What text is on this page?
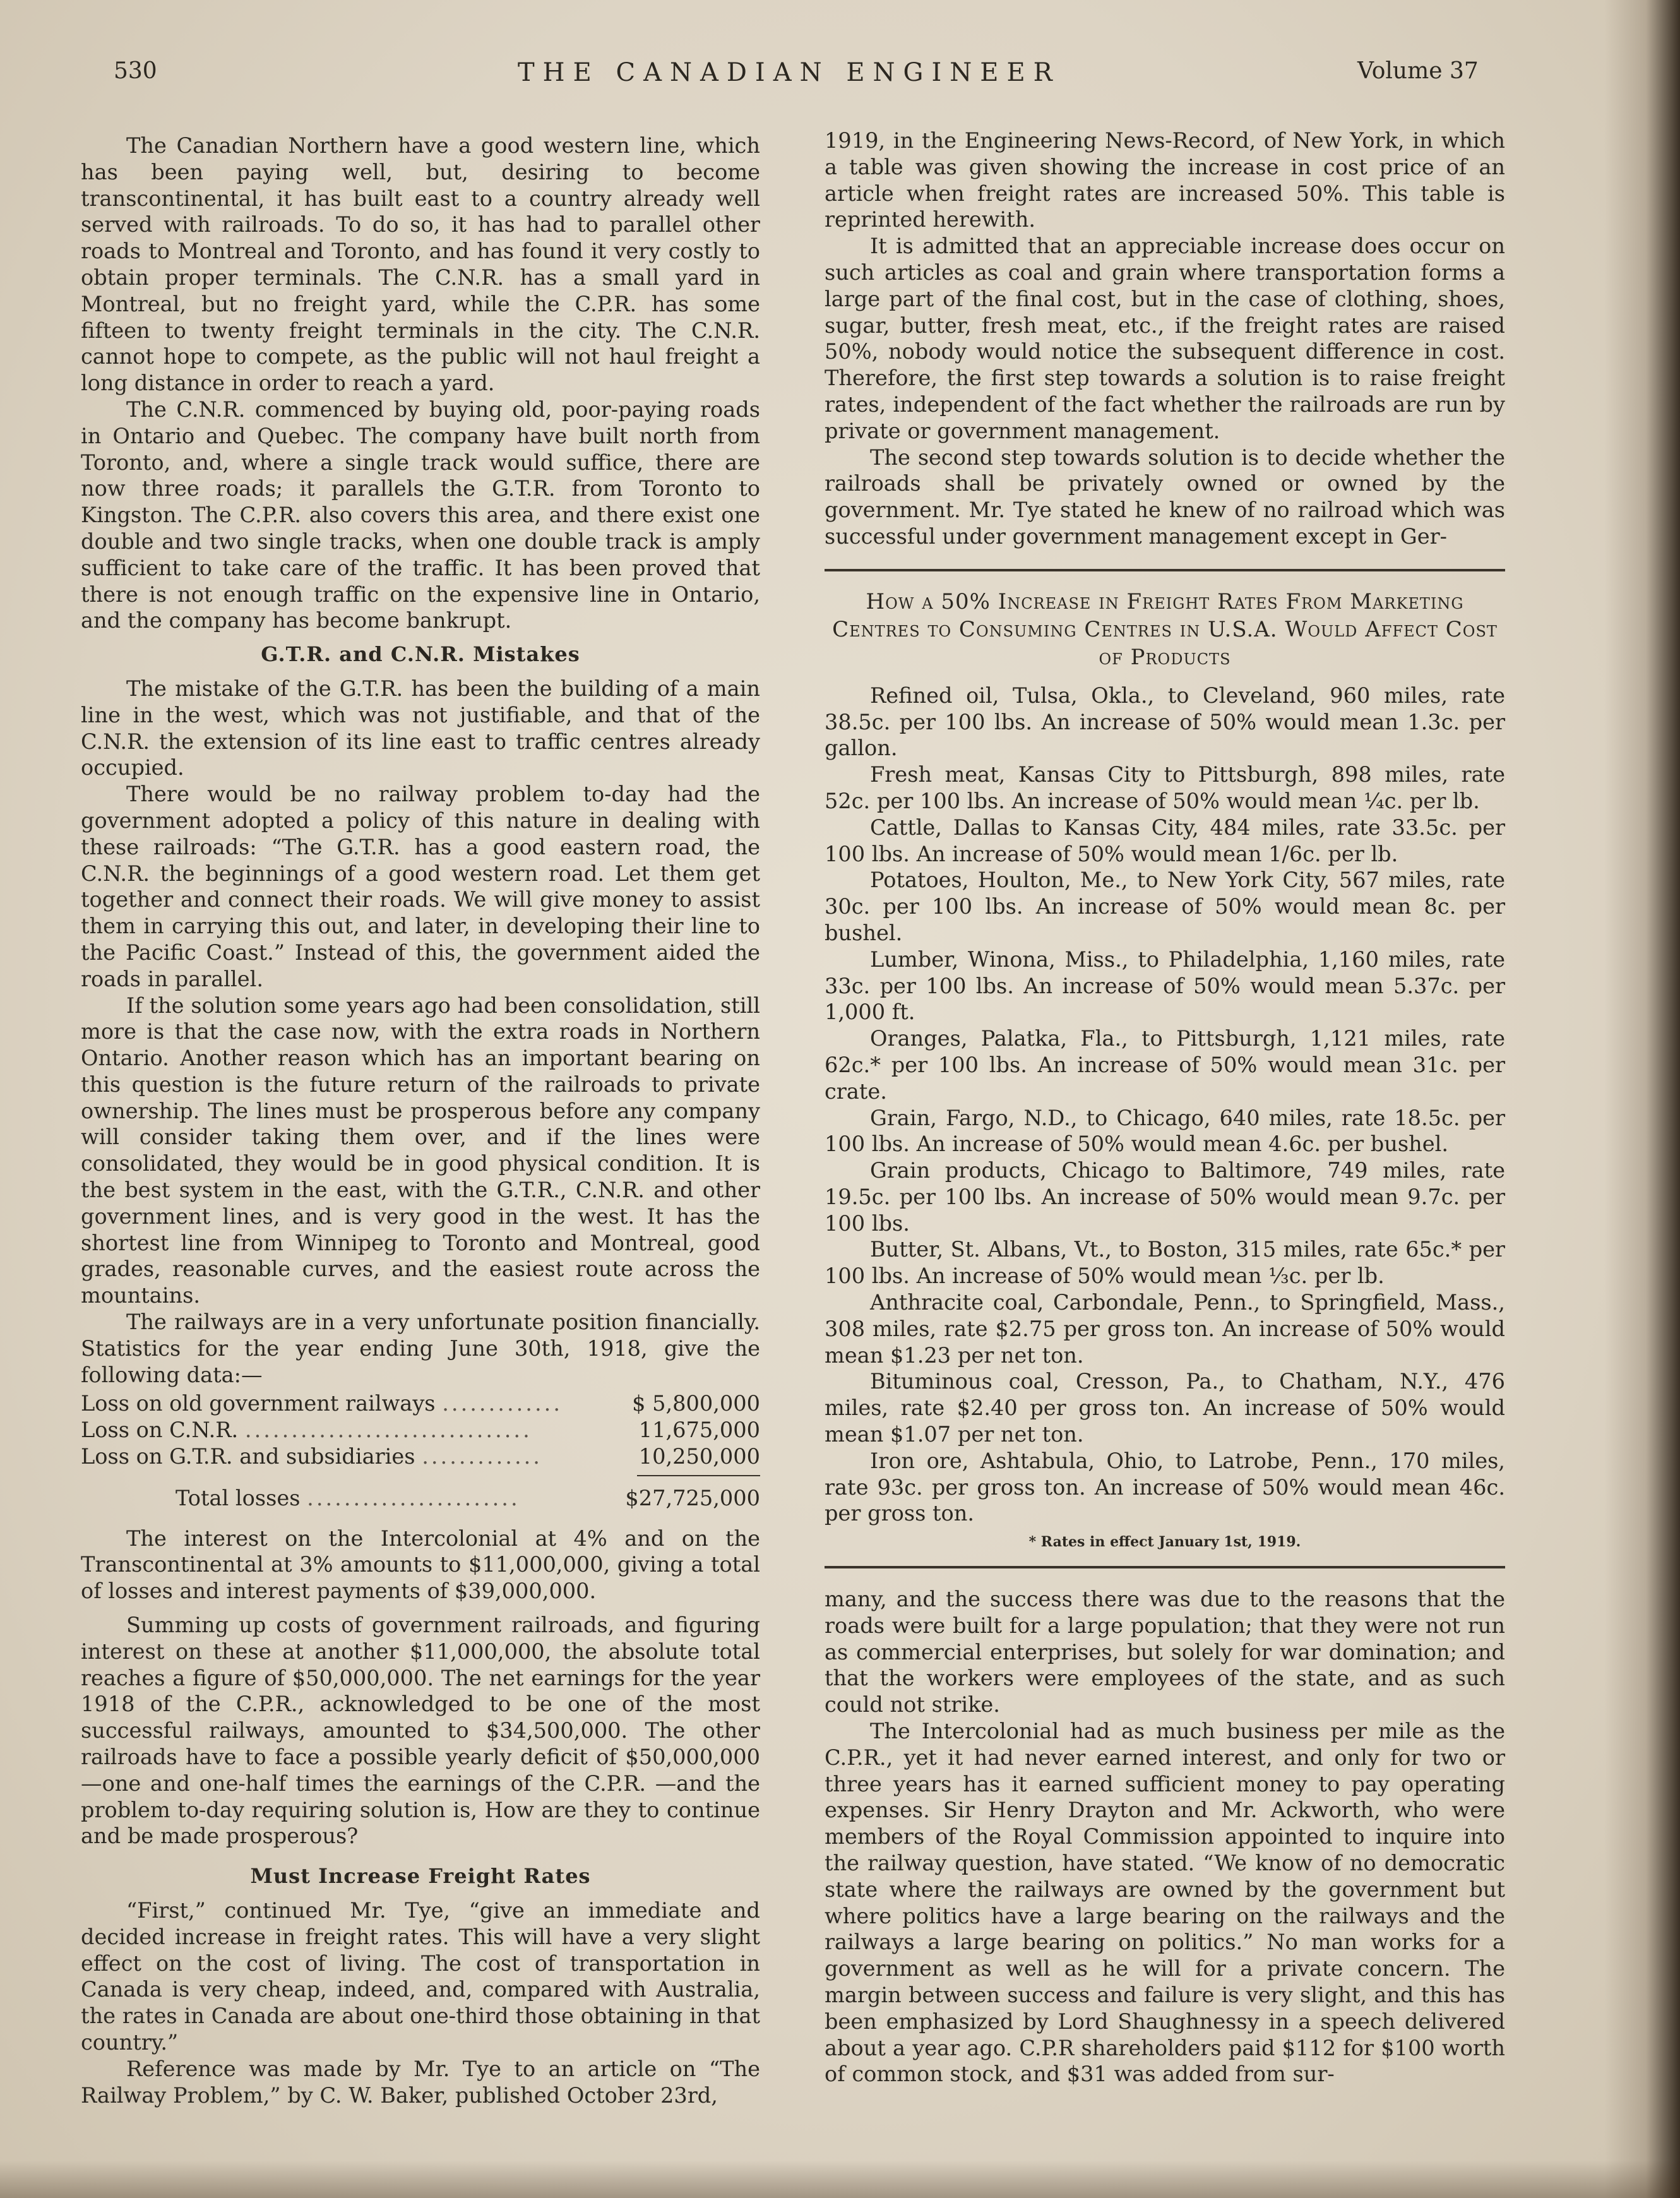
530	THE CANADIAN ENGINEER	Volume 37

The Canadian Northern have a good western line, which has been paying well, but, desiring to become transcontinental, it has built east to a country already well served with railroads. To do so, it has had to parallel other roads to Montreal and Toronto, and has found it very costly to obtain proper terminals. The C.N.R. has a small yard in Montreal, but no freight yard, while the C.P.R. has some fifteen to twenty freight terminals in the city. The C.N.R. cannot hope to compete, as the public will not haul freight a long distance in order to reach a yard.

The C.N.R. commenced by buying old, poor-paying roads in Ontario and Quebec. The company have built north from Toronto, and, where a single track would suffice, there are now three roads; it parallels the G.T.R. from Toronto to Kingston. The C.P.R. also covers this area, and there exist one double and two single tracks, when one double track is amply sufficient to take care of the traffic. It has been proved that there is not enough traffic on the expensive line in Ontario, and the company has become bankrupt.

G.T.R. and C.N.R. Mistakes

The mistake of the G.T.R. has been the building of a main line in the west, which was not justifiable, and that of the C.N.R. the extension of its line east to traffic centres already occupied.

There would be no railway problem to-day had the government adopted a policy of this nature in dealing with these railroads: “The G.T.R. has a good eastern road, the C.N.R. the beginnings of a good western road. Let them get together and connect their roads. We will give money to assist them in carrying this out, and later, in developing their line to the Pacific Coast.” Instead of this, the government aided the roads in parallel.

If the solution some years ago had been consolidation, still more is that the case now, with the extra roads in Northern Ontario. Another reason which has an important bearing on this question is the future return of the railroads to private ownership. The lines must be prosperous before any company will consider taking them over, and if the lines were consolidated, they would be in good physical condition. It is the best system in the east, with the G.T.R., C.N.R. and other government lines, and is very good in the west. It has the shortest line from Winnipeg to Toronto and Montreal, good grades, reasonable curves, and the easiest route across the mountains.

The railways are in a very unfortunate position financially. Statistics for the year ending June 30th, 1918, give the following data:—

Loss on old government railways .............	$ 5,800,000
Loss on C.N.R. ...............................	11,675,000
Loss on G.T.R. and subsidiaries .............	10,250,000

Total losses .......................	$27,725,000

The interest on the Intercolonial at 4% and on the Transcontinental at 3% amounts to $11,000,000, giving a total of losses and interest payments of $39,000,000.

Summing up costs of government railroads, and figuring interest on these at another $11,000,000, the absolute total reaches a figure of $50,000,000. The net earnings for the year 1918 of the C.P.R., acknowledged to be one of the most successful railways, amounted to $34,500,000. The other railroads have to face a possible yearly deficit of $50,000,000—one and one-half times the earnings of the C.P.R. —and the problem to-day requiring solution is, How are they to continue and be made prosperous?

Must Increase Freight Rates

“First,” continued Mr. Tye, “give an immediate and decided increase in freight rates. This will have a very slight effect on the cost of living. The cost of transportation in Canada is very cheap, indeed, and, compared with Australia, the rates in Canada are about one-third those obtaining in that country.”

Reference was made by Mr. Tye to an article on “The Railway Problem,” by C. W. Baker, published October 23rd,

1919, in the Engineering News-Record, of New York, in which a table was given showing the increase in cost price of an article when freight rates are increased 50%. This table is reprinted herewith.

It is admitted that an appreciable increase does occur on such articles as coal and grain where transportation forms a large part of the final cost, but in the case of clothing, shoes, sugar, butter, fresh meat, etc., if the freight rates are raised 50%, nobody would notice the subsequent difference in cost. Therefore, the first step towards a solution is to raise freight rates, independent of the fact whether the railroads are run by private or government management.

The second step towards solution is to decide whether the railroads shall be privately owned or owned by the government. Mr. Tye stated he knew of no railroad which was successful under government management except in Ger-

How a 50% Increase in Freight Rates From Marketing Centres to Consuming Centres in U.S.A. Would Affect Cost of Products

Refined oil, Tulsa, Okla., to Cleveland, 960 miles, rate 38.5c. per 100 lbs. An increase of 50% would mean 1.3c. per gallon.

Fresh meat, Kansas City to Pittsburgh, 898 miles, rate 52c. per 100 lbs. An increase of 50% would mean ¼c. per lb.

Cattle, Dallas to Kansas City, 484 miles, rate 33.5c. per 100 lbs. An increase of 50% would mean 1/6c. per lb.

Potatoes, Houlton, Me., to New York City, 567 miles, rate 30c. per 100 lbs. An increase of 50% would mean 8c. per bushel.

Lumber, Winona, Miss., to Philadelphia, 1,160 miles, rate 33c. per 100 lbs. An increase of 50% would mean 5.37c. per 1,000 ft.

Oranges, Palatka, Fla., to Pittsburgh, 1,121 miles, rate 62c.* per 100 lbs. An increase of 50% would mean 31c. per crate.

Grain, Fargo, N.D., to Chicago, 640 miles, rate 18.5c. per 100 lbs. An increase of 50% would mean 4.6c. per bushel.

Grain products, Chicago to Baltimore, 749 miles, rate 19.5c. per 100 lbs. An increase of 50% would mean 9.7c. per 100 lbs.

Butter, St. Albans, Vt., to Boston, 315 miles, rate 65c.* per 100 lbs. An increase of 50% would mean ⅓c. per lb.

Anthracite coal, Carbondale, Penn., to Springfield, Mass., 308 miles, rate $2.75 per gross ton. An increase of 50% would mean $1.23 per net ton.

Bituminous coal, Cresson, Pa., to Chatham, N.Y., 476 miles, rate $2.40 per gross ton. An increase of 50% would mean $1.07 per net ton.

Iron ore, Ashtabula, Ohio, to Latrobe, Penn., 170 miles, rate 93c. per gross ton. An increase of 50% would mean 46c. per gross ton.

* Rates in effect January 1st, 1919.

many, and the success there was due to the reasons that the roads were built for a large population; that they were not run as commercial enterprises, but solely for war domination; and that the workers were employees of the state, and as such could not strike.

The Intercolonial had as much business per mile as the C.P.R., yet it had never earned interest, and only for two or three years has it earned sufficient money to pay operating expenses. Sir Henry Drayton and Mr. Ackworth, who were members of the Royal Commission appointed to inquire into the railway question, have stated. “We know of no democratic state where the railways are owned by the government but where politics have a large bearing on the railways and the railways a large bearing on politics.” No man works for a government as well as he will for a private concern. The margin between success and failure is very slight, and this has been emphasized by Lord Shaughnessy in a speech delivered about a year ago. C.P.R shareholders paid $112 for $100 worth of common stock, and $31 was added from sur-
